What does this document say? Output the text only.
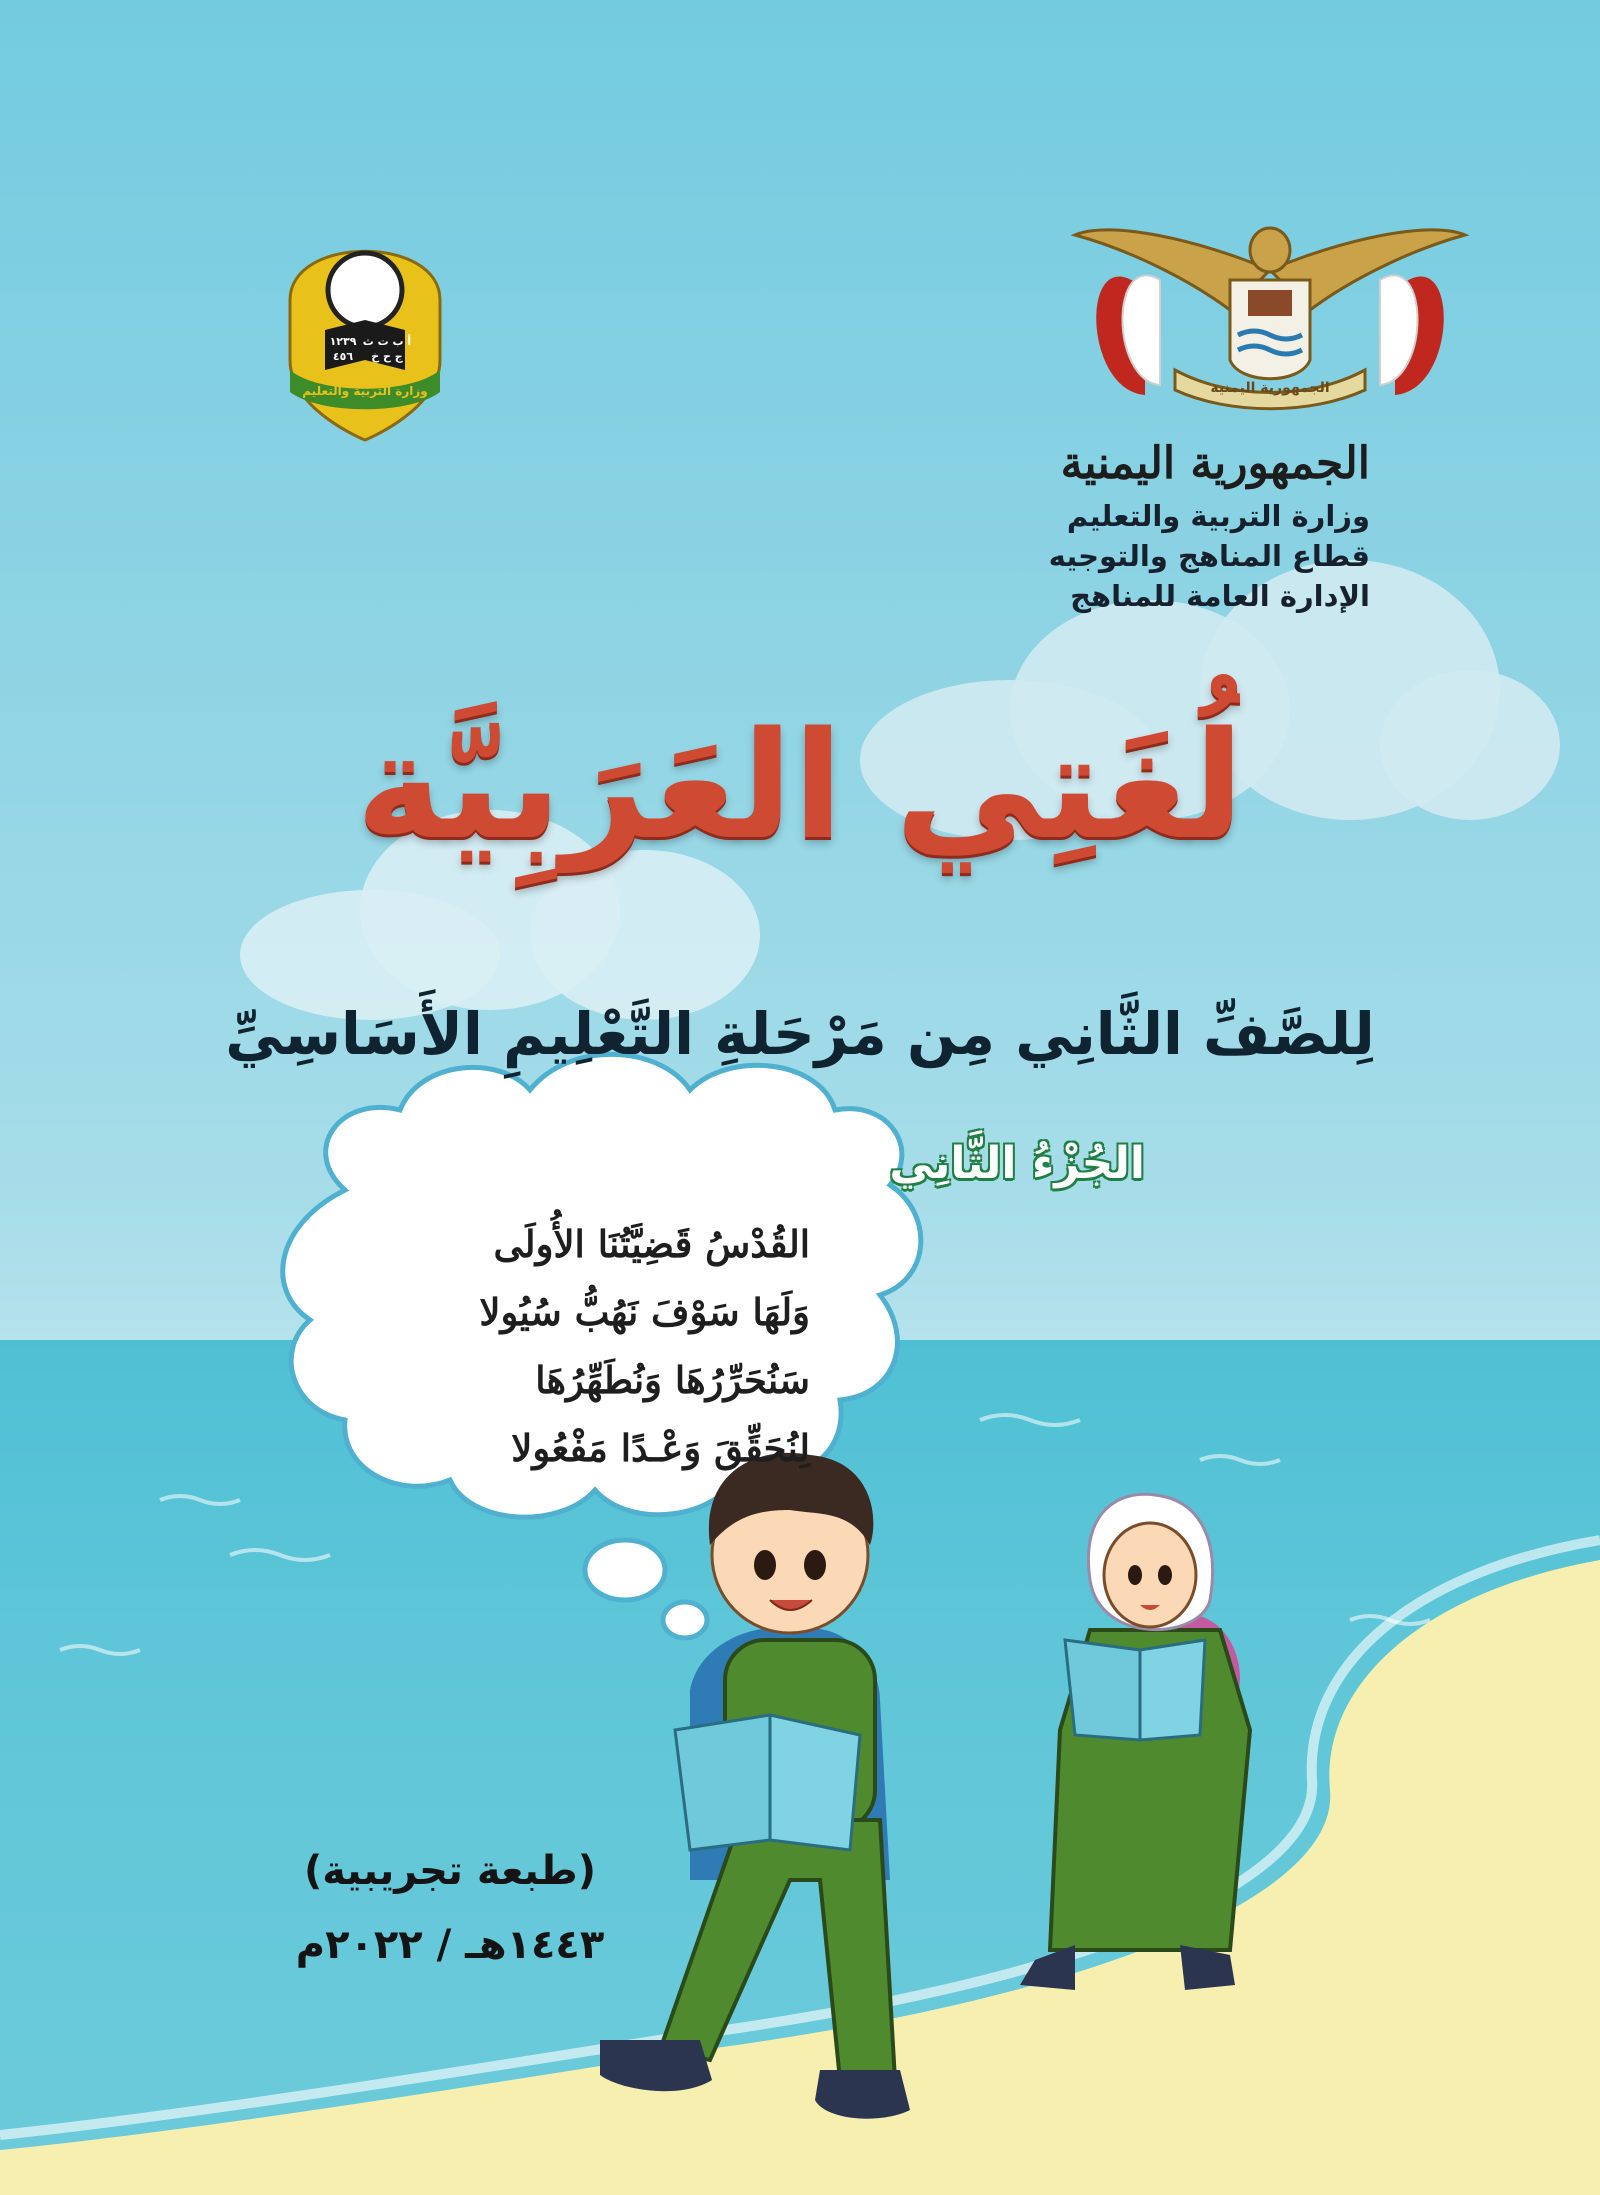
الجمهورية اليمنية
١٢٣٩ أ ب ت ث
٤٥٦ ج ح خ
وزارة التربية والتعليم
الجمهورية اليمنية
وزارة التربية والتعليم
قطاع المناهج والتوجيه
الإدارة العامة للمناهج
لُغَتِي العَرَبِيَّة
لِلصَّفِّ الثَّانِي مِن مَرْحَلةِ التَّعْلِيمِ الأَسَاسِيِّ
الجُزْءُ الثَّانِي
القُدْسُ قَضِيَّتُنَا الأُولَى
وَلَهَا سَوْفَ نَهُبُّ سُيُولا
سَنُحَرِّرُهَا وَنُطَهِّرُهَا
لِنُحَقِّقَ وَعْـدًا مَفْعُولا
(طبعة تجريبية)
١٤٤٣هـ / ٢٠٢٢م
